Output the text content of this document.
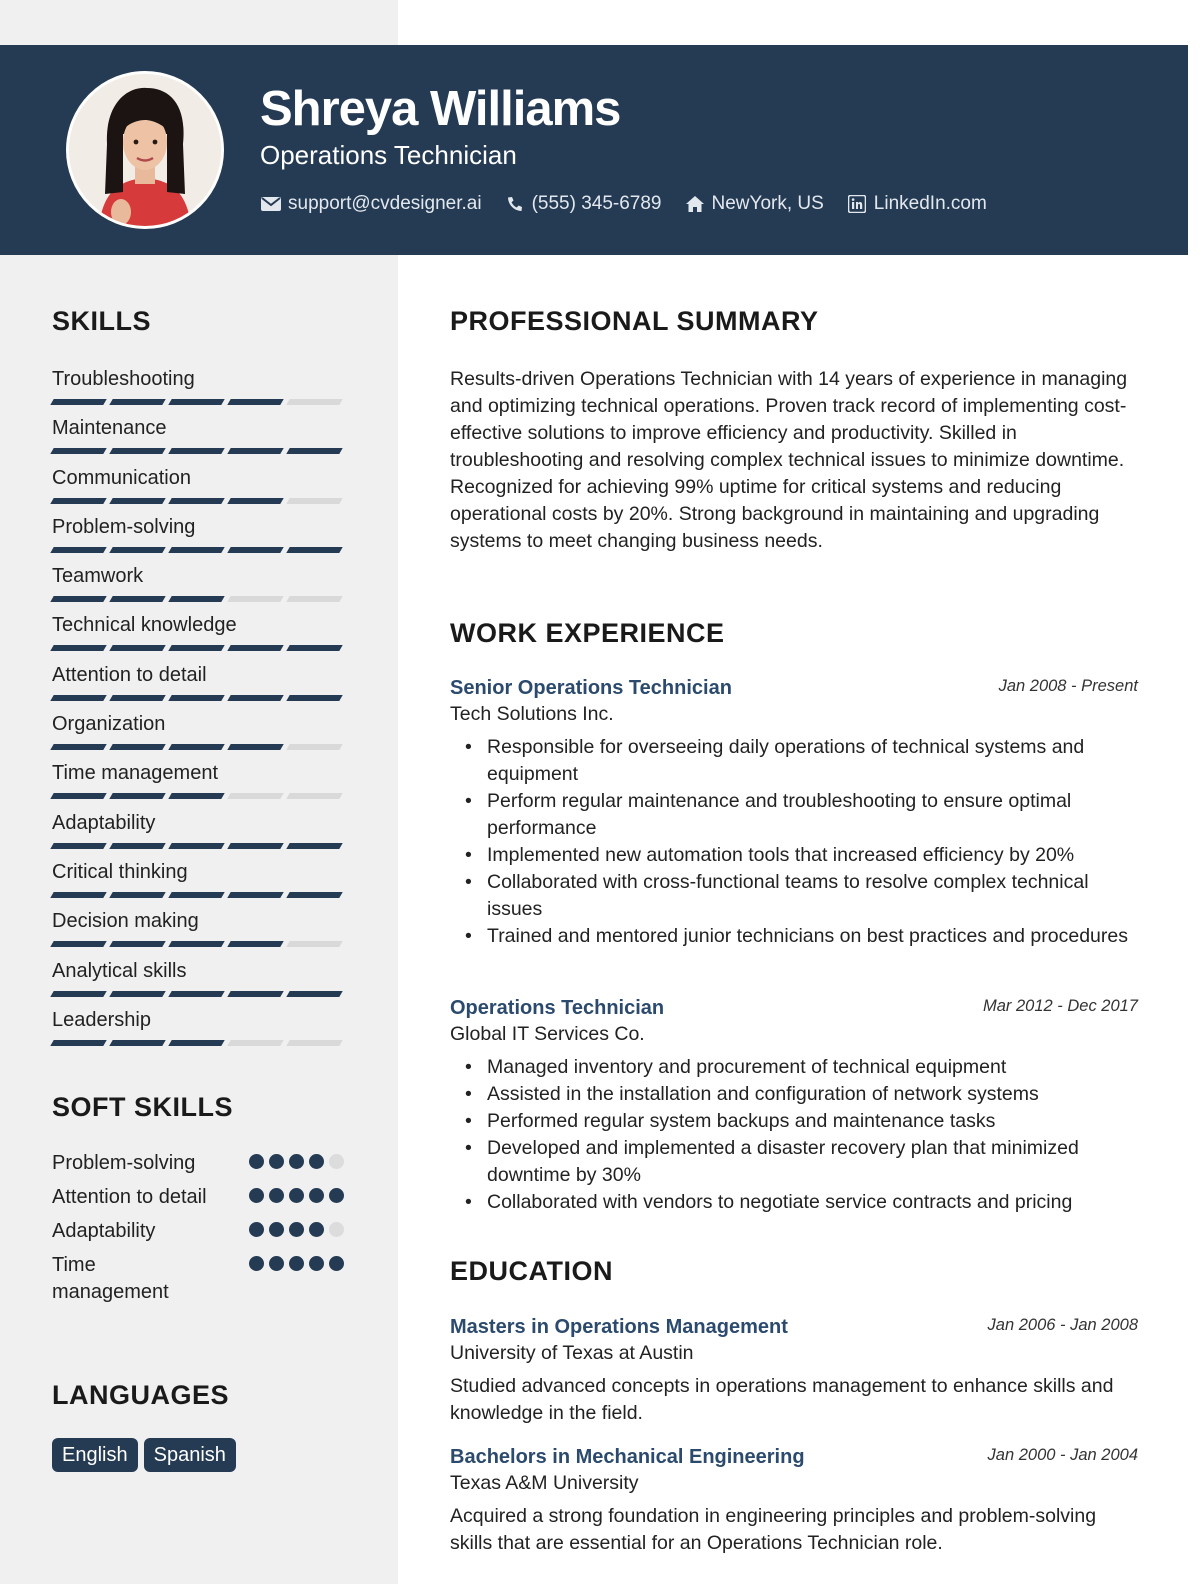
Shreya Williams
Operations Technician
support@cvdesigner.ai	(555) 345-6789	NewYork, US	LinkedIn.com
SKILLS
Troubleshooting
Maintenance
Communication
Problem-solving
Teamwork
Technical knowledge
Attention to detail
Organization
Time management
Adaptability
Critical thinking
Decision making
Analytical skills
Leadership
SOFT SKILLS
Problem-solving
Attention to detail
Adaptability
Time management
LANGUAGES
English	Spanish
PROFESSIONAL SUMMARY
Results-driven Operations Technician with 14 years of experience in managing and optimizing technical operations. Proven track record of implementing cost-effective solutions to improve efficiency and productivity. Skilled in troubleshooting and resolving complex technical issues to minimize downtime. Recognized for achieving 99% uptime for critical systems and reducing operational costs by 20%. Strong background in maintaining and upgrading systems to meet changing business needs.
WORK EXPERIENCE
Senior Operations Technician	Jan 2008 - Present
Tech Solutions Inc.
• Responsible for overseeing daily operations of technical systems and equipment
• Perform regular maintenance and troubleshooting to ensure optimal performance
• Implemented new automation tools that increased efficiency by 20%
• Collaborated with cross-functional teams to resolve complex technical issues
• Trained and mentored junior technicians on best practices and procedures
Operations Technician	Mar 2012 - Dec 2017
Global IT Services Co.
• Managed inventory and procurement of technical equipment
• Assisted in the installation and configuration of network systems
• Performed regular system backups and maintenance tasks
• Developed and implemented a disaster recovery plan that minimized downtime by 30%
• Collaborated with vendors to negotiate service contracts and pricing
EDUCATION
Masters in Operations Management	Jan 2006 - Jan 2008
University of Texas at Austin
Studied advanced concepts in operations management to enhance skills and knowledge in the field.
Bachelors in Mechanical Engineering	Jan 2000 - Jan 2004
Texas A&M University
Acquired a strong foundation in engineering principles and problem-solving skills that are essential for an Operations Technician role.
